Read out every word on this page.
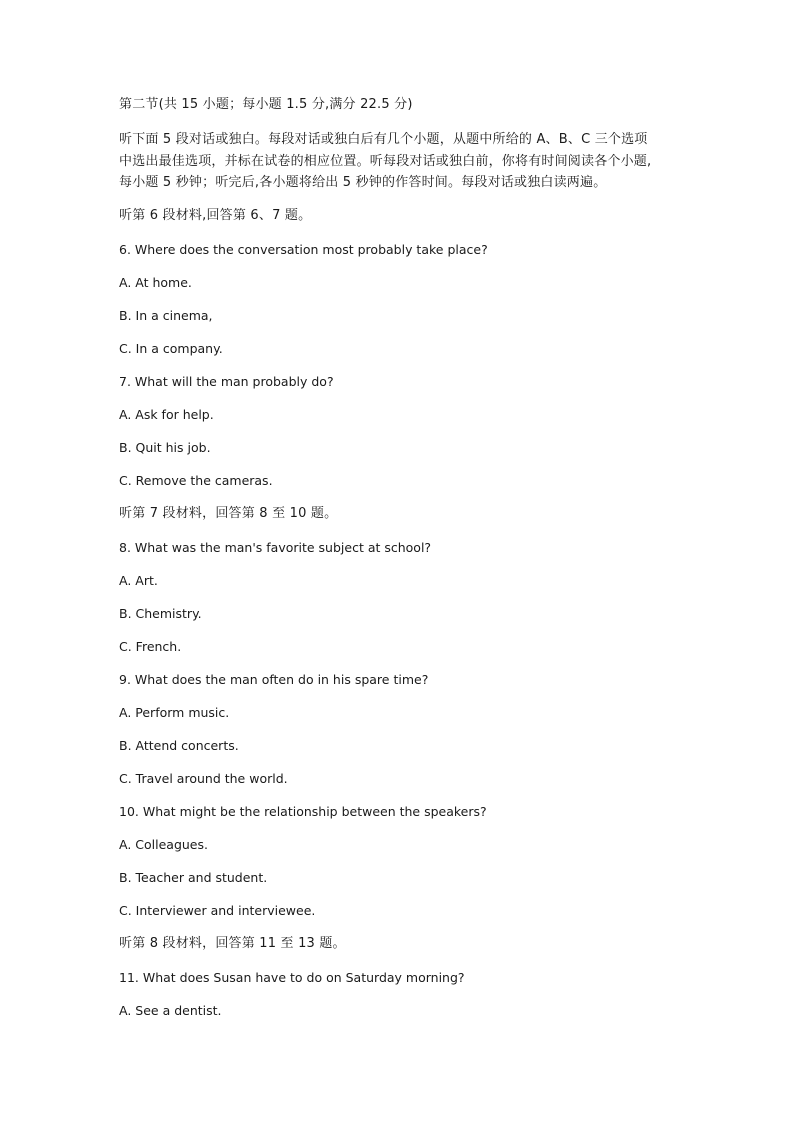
第二节(共 15 小题；每小题 1.5 分,满分 22.5 分)
听下面 5 段对话或独白。每段对话或独白后有几个小题，从题中所给的 A、B、C 三个选项
中选出最佳选项，并标在试卷的相应位置。听每段对话或独白前，你将有时间阅读各个小题,
每小题 5 秒钟；听完后,各小题将给出 5 秒钟的作答时间。每段对话或独白读两遍。
听第 6 段材料,回答第 6、7 题。
6. Where does the conversation most probably take place?
A. At home.
B. In a cinema,
C. In a company.
7. What will the man probably do?
A. Ask for help.
B. Quit his job.
C. Remove the cameras.
听第 7 段材料，回答第 8 至 10 题。
8. What was the man's favorite subject at school?
A. Art.
B. Chemistry.
C. French.
9. What does the man often do in his spare time?
A. Perform music.
B. Attend concerts.
C. Travel around the world.
10. What might be the relationship between the speakers?
A. Colleagues.
B. Teacher and student.
C. Interviewer and interviewee.
听第 8 段材料，回答第 11 至 13 题。
11. What does Susan have to do on Saturday morning?
A. See a dentist.
